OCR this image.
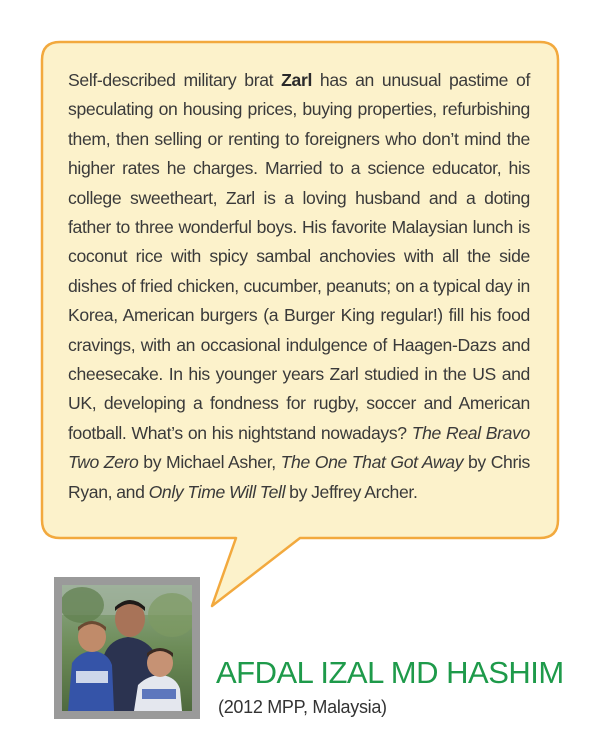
Self-described military brat Zarl has an unusual pastime of speculating on housing prices, buying properties, refurbishing them, then selling or renting to foreigners who don’t mind the higher rates he charges. Married to a science educator, his college sweetheart, Zarl is a loving husband and a doting father to three wonderful boys. His favorite Malaysian lunch is coconut rice with spicy sambal anchovies with all the side dishes of fried chicken, cucumber, peanuts; on a typical day in Korea, American burgers (a Burger King regular!) fill his food cravings, with an occasional indulgence of Haagen-Dazs and cheesecake. In his younger years Zarl studied in the US and UK, developing a fondness for rugby, soccer and American football. What’s on his nightstand nowadays? The Real Bravo Two Zero by Michael Asher, The One That Got Away by Chris Ryan, and Only Time Will Tell by Jeffrey Archer.

AFDAL IZAL MD HASHIM

(2012 MPP, Malaysia)
